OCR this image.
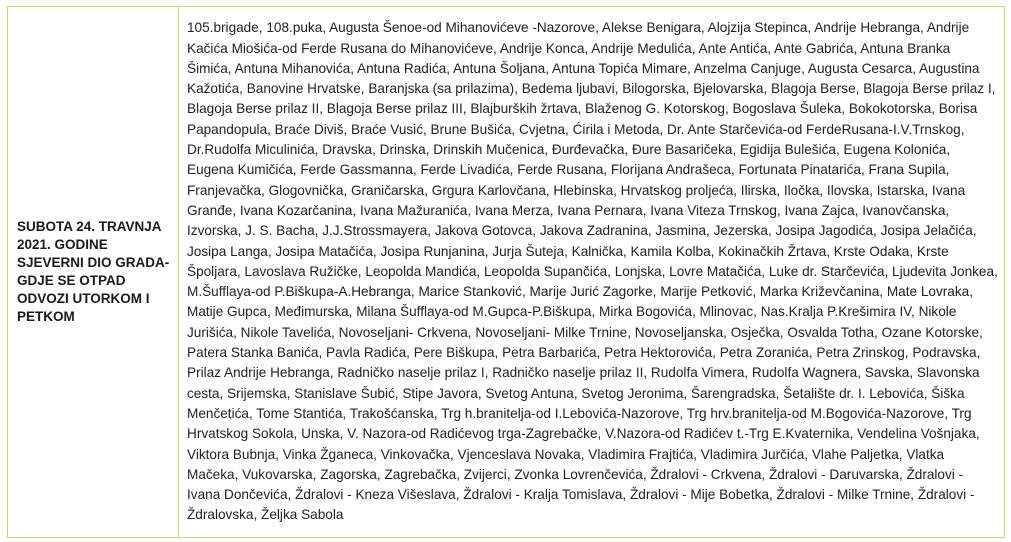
SUBOTA 24. TRAVNJA 2021. GODINE SJEVERNI DIO GRADA-GDJE SE OTPAD ODVOZI UTORKOM I PETKOM	105.brigade, 108.puka, Augusta Šenoe-od Mihanovićeve -Nazorove, Alekse Benigara, Alojzija Stepinca, Andrije Hebranga, Andrije Kačića Miošića-od Ferde Rusana do Mihanovićeve, Andrije Konca, Andrije Medulića, Ante Antića, Ante Gabrića, Antuna Branka Šimića, Antuna Mihanovića, Antuna Radića, Antuna Šoljana, Antuna Topića Mimare, Anzelma Canjuge, Augusta Cesarca, Augustina Kažotića, Banovine Hrvatske, Baranjska (sa prilazima), Bedema ljubavi, Bilogorska, Bjelovarska, Blagoja Berse, Blagoja Berse prilaz I, Blagoja Berse prilaz II, Blagoja Berse prilaz III, Blajburških žrtava, Blaženog G. Kotorskog, Bogoslava Šuleka, Bokokotorska, Borisa Papandopula, Braće Diviš, Braće Vusić, Brune Bušića, Cvjetna, Ćirila i Metoda, Dr. Ante Starčevića-od FerdeRusana-I.V.Trnskog, Dr.Rudolfa Miculinića, Dravska, Drinska, Drinskih Mučenica, Đurđevačka, Đure Basaričeka, Egidija Bulešića, Eugena Kolonića, Eugena Kumičića, Ferde Gassmanna, Ferde Livadića, Ferde Rusana, Florijana Andrašeca, Fortunata Pinatarića, Frana Supila, Franjevačka, Glogovnička, Graničarska, Grgura Karlovčana, Hlebinska, Hrvatskog proljeća, Ilirska, Iločka, Ilovska, Istarska, Ivana Granđe, Ivana Kozarčanina, Ivana Mažuranića, Ivana Merza, Ivana Pernara, Ivana Viteza Trnskog, Ivana Zajca, Ivanovčanska, Izvorska, J. S. Bacha, J.J.Strossmayera, Jakova Gotovca, Jakova Zadranina, Jasmina, Jezerska, Josipa Jagodića, Josipa Jelačića, Josipa Langa, Josipa Matačića, Josipa Runjanina, Jurja Šuteja, Kalnička, Kamila Kolba, Kokinačkih Žrtava, Krste Odaka, Krste Špoljara, Lavoslava Ružičke, Leopolda Mandića, Leopolda Supančića, Lonjska, Lovre Matačića, Luke dr. Starčevića, Ljudevita Jonkea, M.Šufflaya-od P.Biškupa-A.Hebranga, Marice Stanković, Marije Jurić Zagorke, Marije Petković, Marka Križevčanina, Mate Lovraka, Matije Gupca, Međimurska, Milana Šufflaya-od M.Gupca-P.Biškupa, Mirka Bogovića, Mlinovac, Nas.Kralja P.Krešimira IV, Nikole Jurišića, Nikole Tavelića, Novoseljani- Crkvena, Novoseljani- Milke Trnine, Novoseljanska, Osječka, Osvalda Totha, Ozane Kotorske, Patera Stanka Banića, Pavla Radića, Pere Biškupa, Petra Barbarića, Petra Hektorovića, Petra Zoranića, Petra Zrinskog, Podravska, Prilaz Andrije Hebranga, Radničko naselje prilaz I, Radničko naselje prilaz II, Rudolfa Vimera, Rudolfa Wagnera, Savska, Slavonska cesta, Srijemska, Stanislave Šubić, Stipe Javora, Svetog Antuna, Svetog Jeronima, Šarengradska, Šetalište dr. I. Lebovića, Šiška Menčetića, Tome Stantića, Trakošćanska, Trg h.branitelja-od I.Lebovića-Nazorove, Trg hrv.branitelja-od M.Bogovića-Nazorove, Trg Hrvatskog Sokola, Unska, V. Nazora-od Radićevog trga-Zagrebačke, V.Nazora-od Radićev t.-Trg E.Kvaternika, Vendelina Vošnjaka, Viktora Bubnja, Vinka Žganeca, Vinkovačka, Vjenceslava Novaka, Vladimira Frajtića, Vladimira Jurčića, Vlahe Paljetka, Vlatka Mačeka, Vukovarska, Zagorska, Zagrebačka, Zvijerci, Zvonka Lovrenčevića, Ždralovi - Crkvena, Ždralovi - Daruvarska, Ždralovi - Ivana Dončevića, Ždralovi - Kneza Višeslava, Ždralovi - Kralja Tomislava, Ždralovi - Mije Bobetka, Ždralovi - Milke Trnine, Ždralovi - Ždralovska, Željka Sabola
